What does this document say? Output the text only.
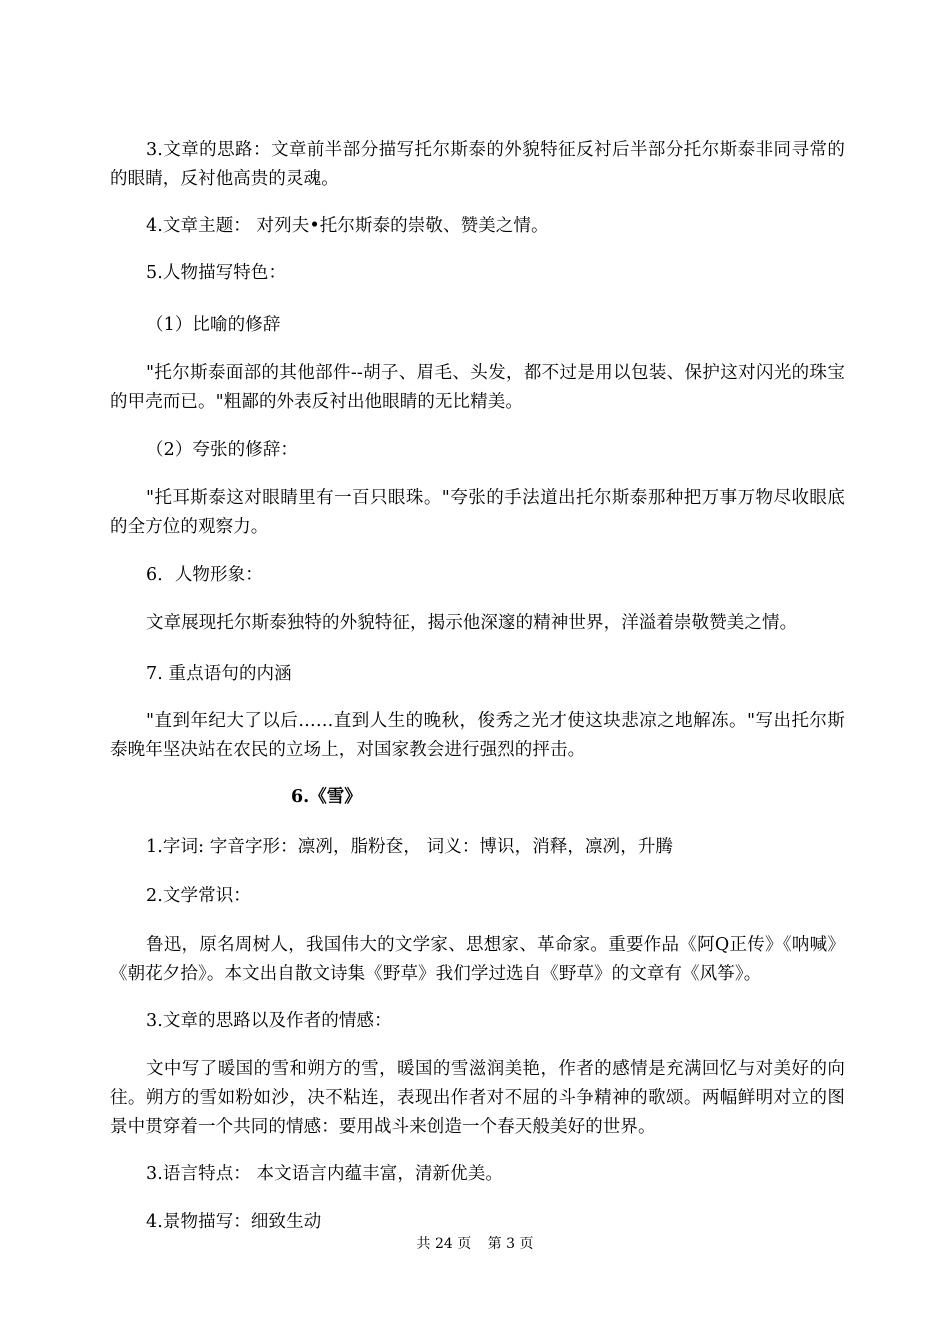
3.文章的思路：文章前半部分描写托尔斯泰的外貌特征反衬后半部分托尔斯泰非同寻常的的眼睛，反衬他高贵的灵魂。

4.文章主题： 对列夫•托尔斯泰的崇敬、赞美之情。

5.人物描写特色：

（1）比喻的修辞

"托尔斯泰面部的其他部件--胡子、眉毛、头发，都不过是用以包装、保护这对闪光的珠宝的甲壳而已。"粗鄙的外表反衬出他眼睛的无比精美。

（2）夸张的修辞：

"托耳斯泰这对眼睛里有一百只眼珠。"夸张的手法道出托尔斯泰那种把万事万物尽收眼底的全方位的观察力。

6．人物形象：

文章展现托尔斯泰独特的外貌特征，揭示他深邃的精神世界，洋溢着崇敬赞美之情。

7. 重点语句的内涵

"直到年纪大了以后……直到人生的晚秋，俊秀之光才使这块悲凉之地解冻。"写出托尔斯泰晚年坚决站在农民的立场上，对国家教会进行强烈的抨击。

6.《雪》

1.字词: 字音字形：凛冽，脂粉奁， 词义：博识，消释，凛冽，升腾

2.文学常识：

鲁迅，原名周树人，我国伟大的文学家、思想家、革命家。重要作品《阿Q正传》《呐喊》《朝花夕拾》。本文出自散文诗集《野草》我们学过选自《野草》的文章有《风筝》。

3.文章的思路以及作者的情感：

文中写了暖国的雪和朔方的雪，暖国的雪滋润美艳，作者的感情是充满回忆与对美好的向往。朔方的雪如粉如沙，决不粘连，表现出作者对不屈的斗争精神的歌颂。两幅鲜明对立的图景中贯穿着一个共同的情感：要用战斗来创造一个春天般美好的世界。

3.语言特点： 本文语言内蕴丰富，清新优美。

4.景物描写：细致生动

共 24 页 第 3 页
